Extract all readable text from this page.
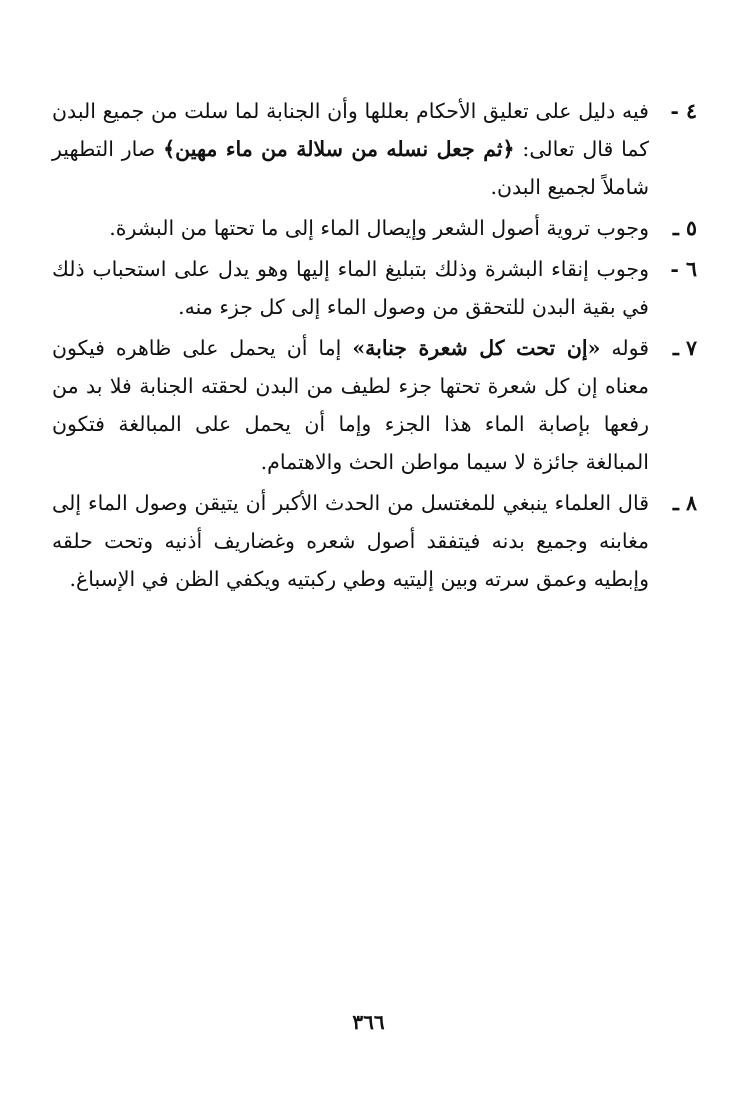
٤ -
فيه دليل على تعليق الأحكام بعللها وأن الجنابة لما سلت من جميع البدن كما قال تعالى: ﴿ثم جعل نسله من سلالة من ماء مهين﴾ صار التطهير شاملاً لجميع البدن.
٥ ـ
وجوب تروية أصول الشعر وإيصال الماء إلى ما تحتها من البشرة.
٦ -
وجوب إنقاء البشرة وذلك بتبليغ الماء إليها وهو يدل على استحباب ذلك في بقية البدن للتحقق من وصول الماء إلى كل جزء منه.
٧ ـ
قوله «إن تحت كل شعرة جنابة» إما أن يحمل على ظاهره فيكون معناه إن كل شعرة تحتها جزء لطيف من البدن لحقته الجنابة فلا بد من رفعها بإصابة الماء هذا الجزء وإما أن يحمل على المبالغة فتكون المبالغة جائزة لا سيما مواطن الحث والاهتمام.
٨ ـ
قال العلماء ينبغي للمغتسل من الحدث الأكبر أن يتيقن وصول الماء إلى مغابنه وجميع بدنه فيتفقد أصول شعره وغضاريف أذنيه وتحت حلقه وإبطيه وعمق سرته وبين إليتيه وطي ركبتيه ويكفي الظن في الإسباغ.
٣٦٦
